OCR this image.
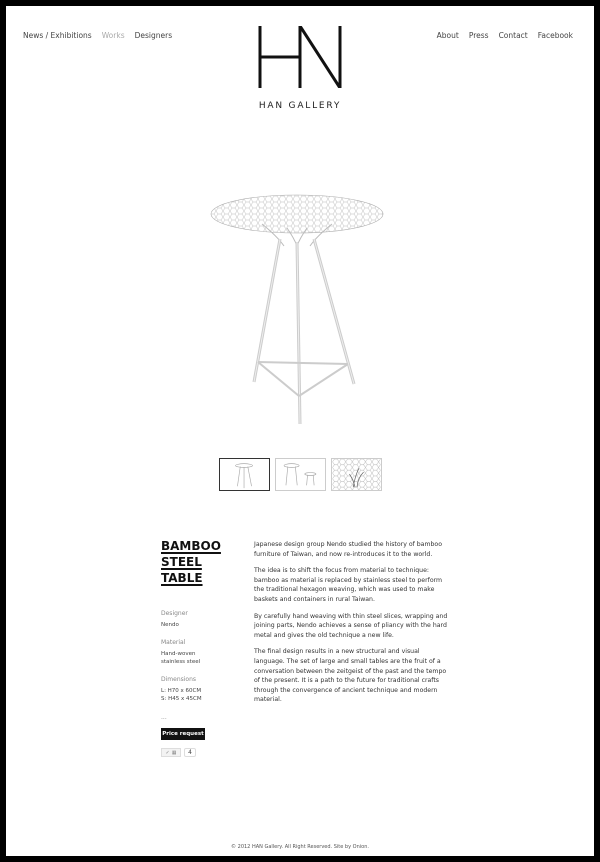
News / Exhibitions Works Designers	About Press Contact Facebook
HAN GALLERY
BAMBOO
STEEL
TABLE
Designer
Nendo
Material
Hand-woven
stainless steel
Dimensions
L: H70 x 60CM
S: H45 x 45CM
...
Price request
✓ ▦	4

Japanese design group Nendo studied the history of bamboo furniture of Taiwan, and now re-introduces it to the world.

The idea is to shift the focus from material to technique: bamboo as material is replaced by stainless steel to perform the traditional hexagon weaving, which was used to make baskets and containers in rural Taiwan.

By carefully hand weaving with thin steel slices, wrapping and joining parts, Nendo achieves a sense of pliancy with the hard metal and gives the old technique a new life.

The final design results in a new structural and visual language. The set of large and small tables are the fruit of a conversation between the zeitgeist of the past and the tempo of the present. It is a path to the future for traditional crafts through the convergence of ancient technique and modern material.

© 2012 HAN Gallery. All Right Reserved. Site by Onion.
